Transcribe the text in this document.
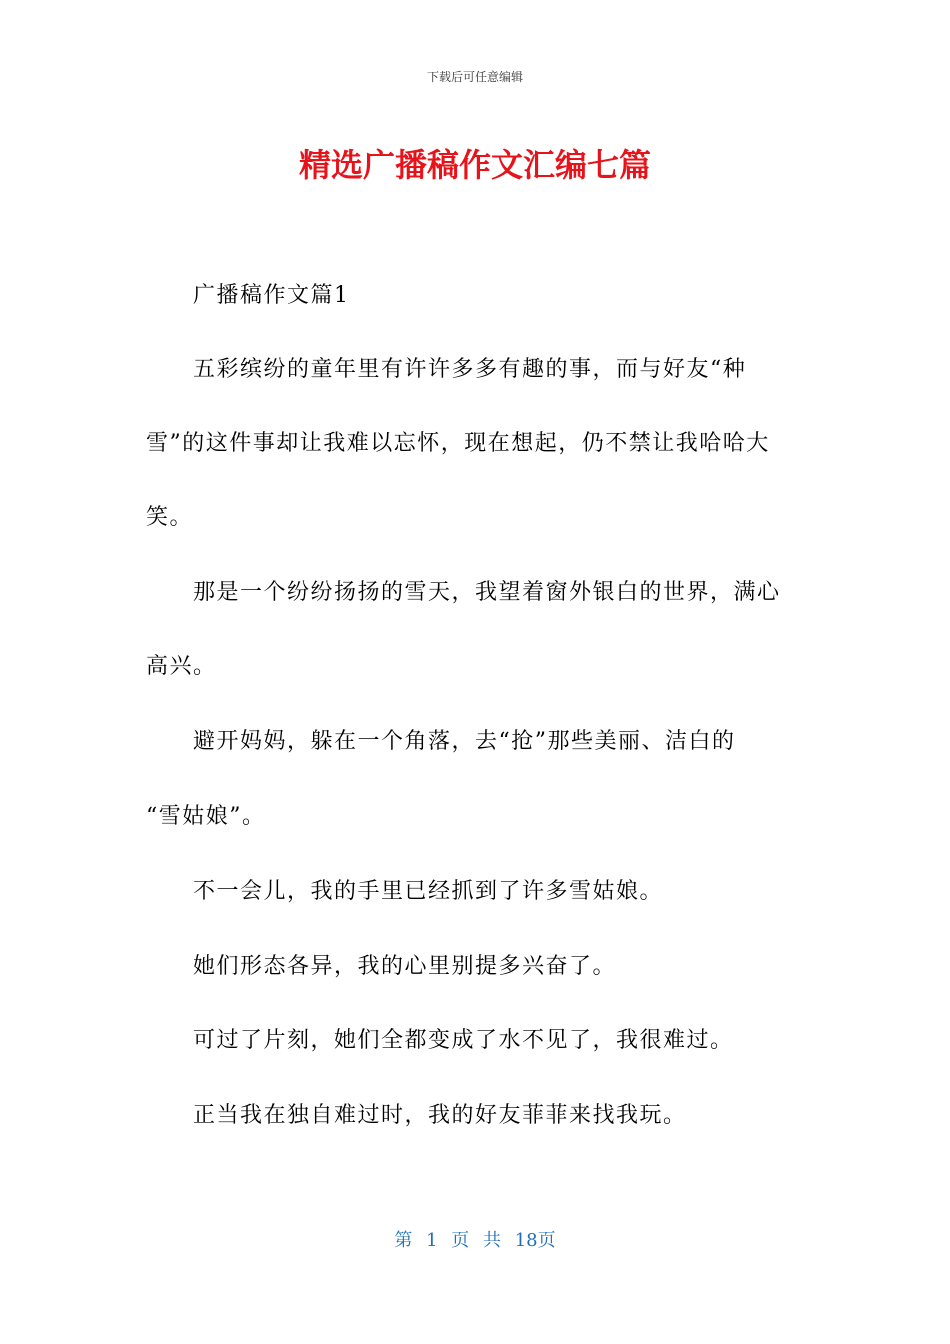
下载后可任意编辑
精选广播稿作文汇编七篇
广播稿作文篇1
五彩缤纷的童年里有许许多多有趣的事，而与好友“种
雪”的这件事却让我难以忘怀，现在想起，仍不禁让我哈哈大
笑。
那是一个纷纷扬扬的雪天，我望着窗外银白的世界，满心
高兴。
避开妈妈，躲在一个角落，去“抢”那些美丽、洁白的
“雪姑娘”。
不一会儿，我的手里已经抓到了许多雪姑娘。
她们形态各异，我的心里别提多兴奋了。
可过了片刻，她们全都变成了水不见了，我很难过。
正当我在独自难过时，我的好友菲菲来找我玩。
第 1 页 共 18页
